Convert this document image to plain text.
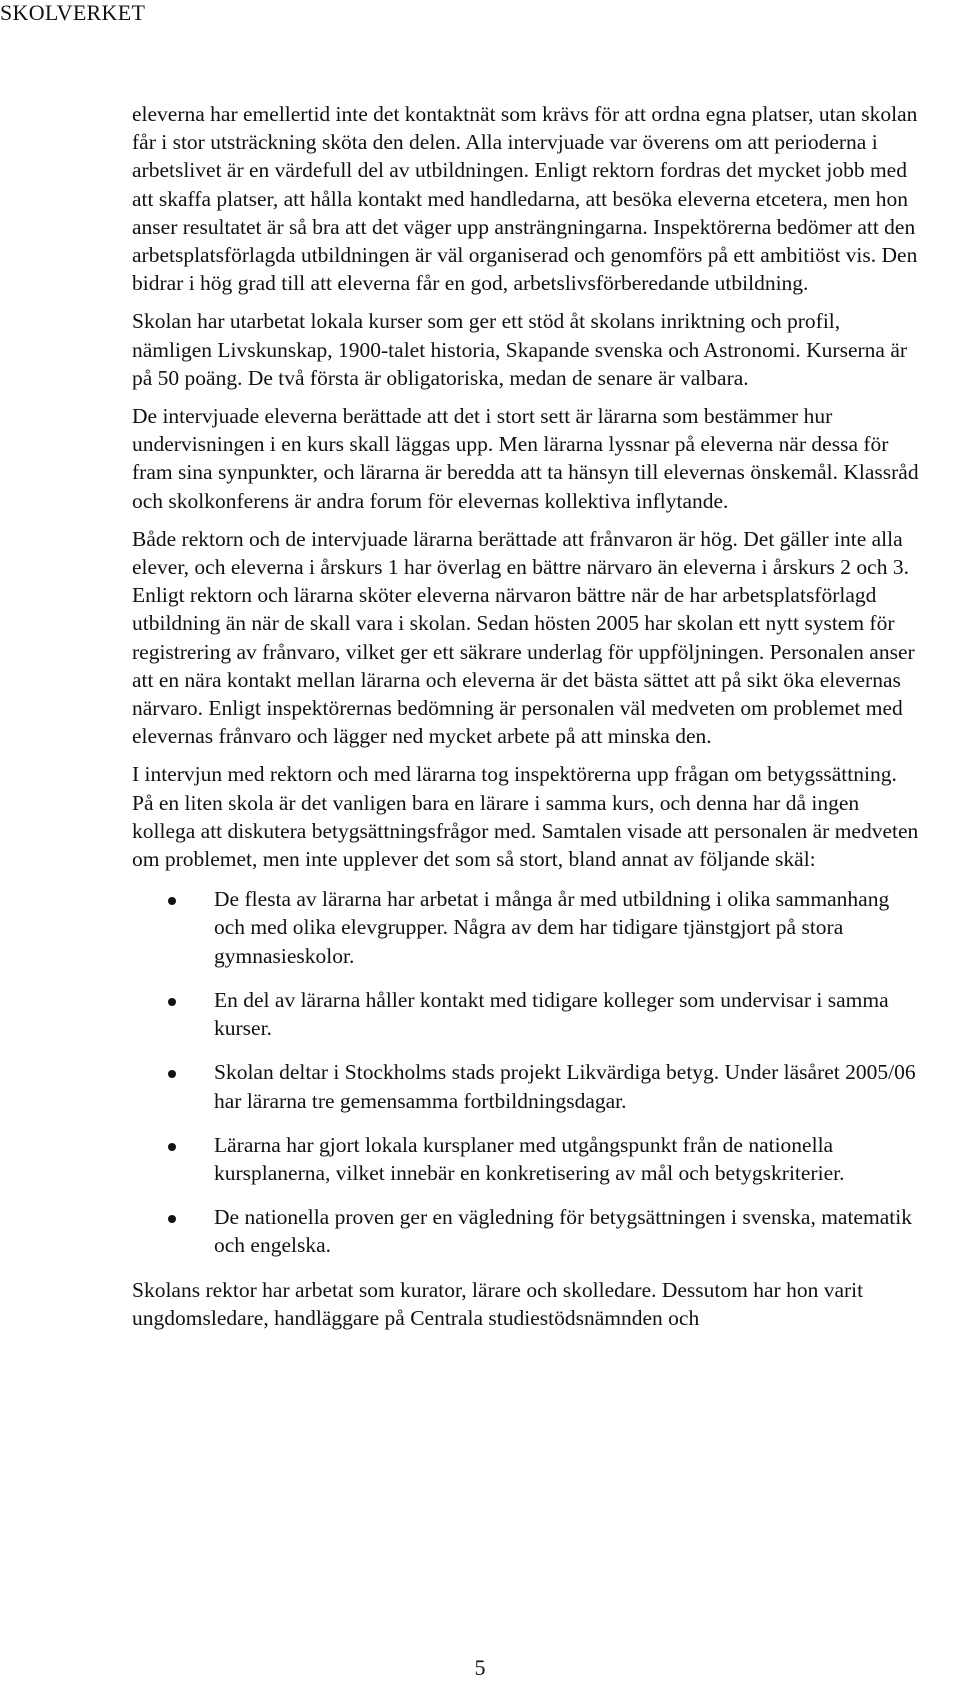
SKOLVERKET

eleverna har emellertid inte det kontaktnät som krävs för att ordna egna platser, utan skolan får i stor utsträckning sköta den delen. Alla intervjuade var överens om att perioderna i arbetslivet är en värdefull del av utbildningen. Enligt rektorn fordras det mycket jobb med att skaffa platser, att hålla kontakt med handledarna, att besöka eleverna etcetera, men hon anser resultatet är så bra att det väger upp ansträngningarna. Inspektörerna bedömer att den arbetsplatsförlagda utbildningen är väl organiserad och genomförs på ett ambitiöst vis. Den bidrar i hög grad till att eleverna får en god, arbetslivsförberedande utbildning.

Skolan har utarbetat lokala kurser som ger ett stöd åt skolans inriktning och profil, nämligen Livskunskap, 1900-talet historia, Skapande svenska och Astronomi. Kurserna är på 50 poäng. De två första är obligatoriska, medan de senare är valbara.

De intervjuade eleverna berättade att det i stort sett är lärarna som bestämmer hur undervisningen i en kurs skall läggas upp. Men lärarna lyssnar på eleverna när dessa för fram sina synpunkter, och lärarna är beredda att ta hänsyn till elevernas önskemål. Klassråd och skolkonferens är andra forum för elevernas kollektiva inflytande.

Både rektorn och de intervjuade lärarna berättade att frånvaron är hög. Det gäller inte alla elever, och eleverna i årskurs 1 har överlag en bättre närvaro än eleverna i årskurs 2 och 3. Enligt rektorn och lärarna sköter eleverna närvaron bättre när de har arbetsplatsförlagd utbildning än när de skall vara i skolan. Sedan hösten 2005 har skolan ett nytt system för registrering av frånvaro, vilket ger ett säkrare underlag för uppföljningen. Personalen anser att en nära kontakt mellan lärarna och eleverna är det bästa sättet att på sikt öka elevernas närvaro. Enligt inspektörernas bedömning är personalen väl medveten om problemet med elevernas frånvaro och lägger ned mycket arbete på att minska den.

I intervjun med rektorn och med lärarna tog inspektörerna upp frågan om betygssättning. På en liten skola är det vanligen bara en lärare i samma kurs, och denna har då ingen kollega att diskutera betygsättningsfrågor med. Samtalen visade att personalen är medveten om problemet, men inte upplever det som så stort, bland annat av följande skäl:

De flesta av lärarna har arbetat i många år med utbildning i olika sammanhang och med olika elevgrupper. Några av dem har tidigare tjänstgjort på stora gymnasieskolor.
En del av lärarna håller kontakt med tidigare kolleger som undervisar i samma kurser.
Skolan deltar i Stockholms stads projekt Likvärdiga betyg. Under läsåret 2005/06 har lärarna tre gemensamma fortbildningsdagar.
Lärarna har gjort lokala kursplaner med utgångspunkt från de nationella kursplanerna, vilket innebär en konkretisering av mål och betygskriterier.
De nationella proven ger en vägledning för betygsättningen i svenska, matematik och engelska.

Skolans rektor har arbetat som kurator, lärare och skolledare. Dessutom har hon varit ungdomsledare, handläggare på Centrala studiestödsnämnden och

5
